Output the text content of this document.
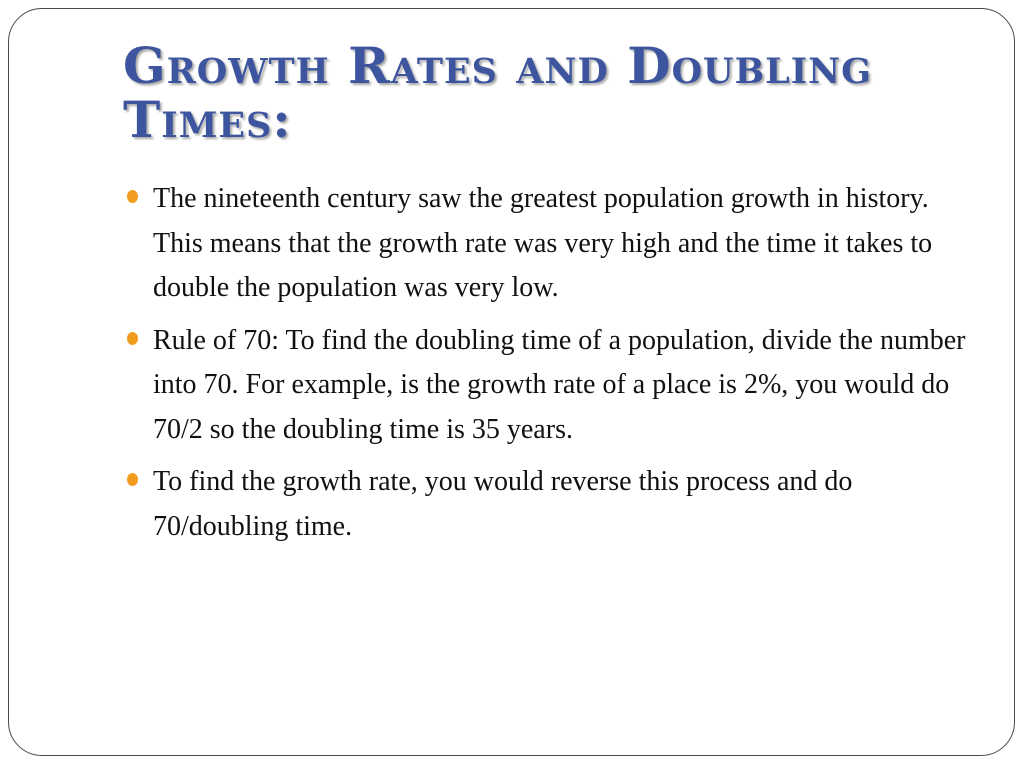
Growth Rates and Doubling Times:
The nineteenth century saw the greatest population growth in history. This means that the growth rate was very high and the time it takes to double the population was very low.
Rule of 70: To find the doubling time of a population, divide the number into 70. For example, is the growth rate of a place is 2%, you would do 70/2 so the doubling time is 35 years.
To find the growth rate, you would reverse this process and do 70/doubling time.
